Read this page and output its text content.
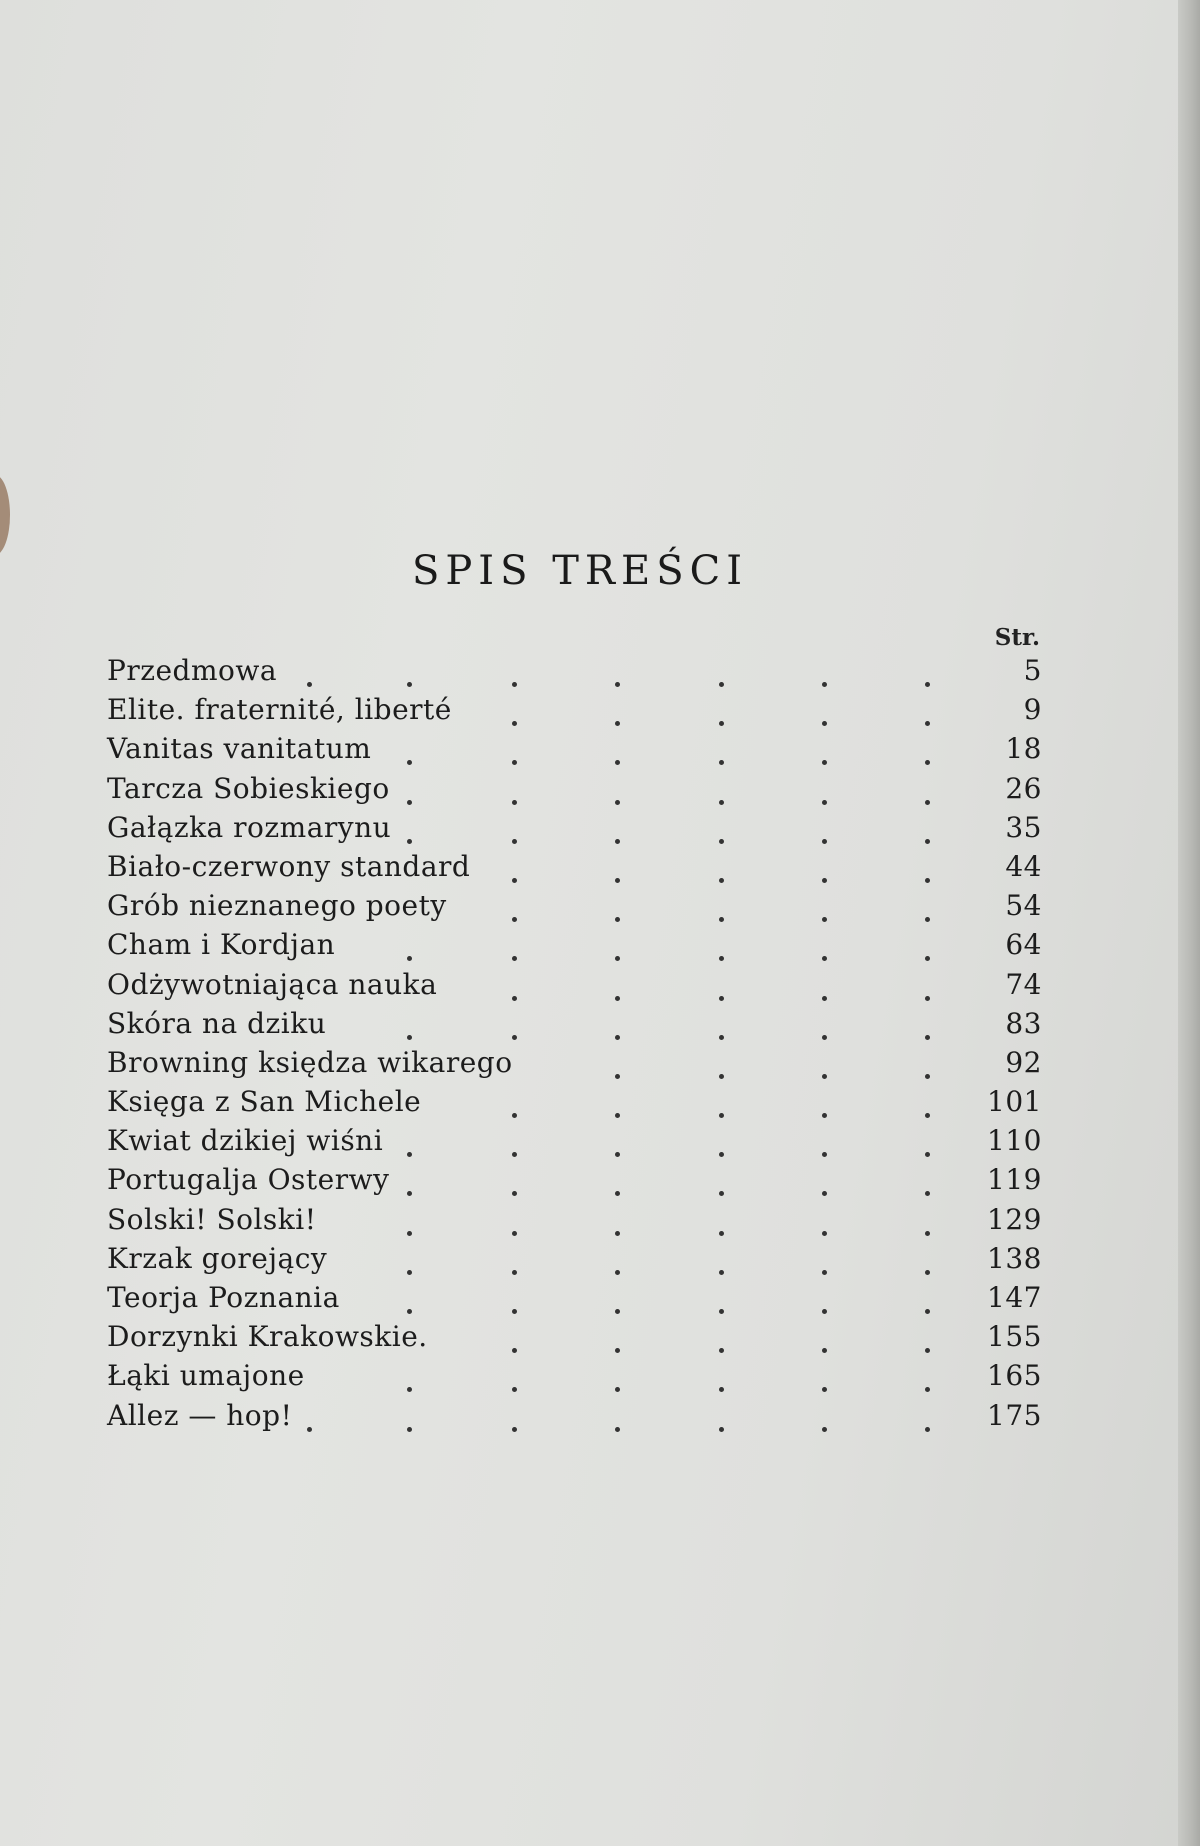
SPIS TREŚCI
Str.
Przedmowa	5
Elite. fraternité, liberté	9
Vanitas vanitatum	18
Tarcza Sobieskiego	26
Gałązka rozmarynu	35
Biało-czerwony standard	44
Grób nieznanego poety	54
Cham i Kordjan	64
Odżywotniająca nauka	74
Skóra na dziku	83
Browning księdza wikarego	92
Księga z San Michele	101
Kwiat dzikiej wiśni	110
Portugalja Osterwy	119
Solski! Solski!	129
Krzak gorejący	138
Teorja Poznania	147
Dorzynki Krakowskie.	155
Łąki umajone	165
Allez — hop!	175
